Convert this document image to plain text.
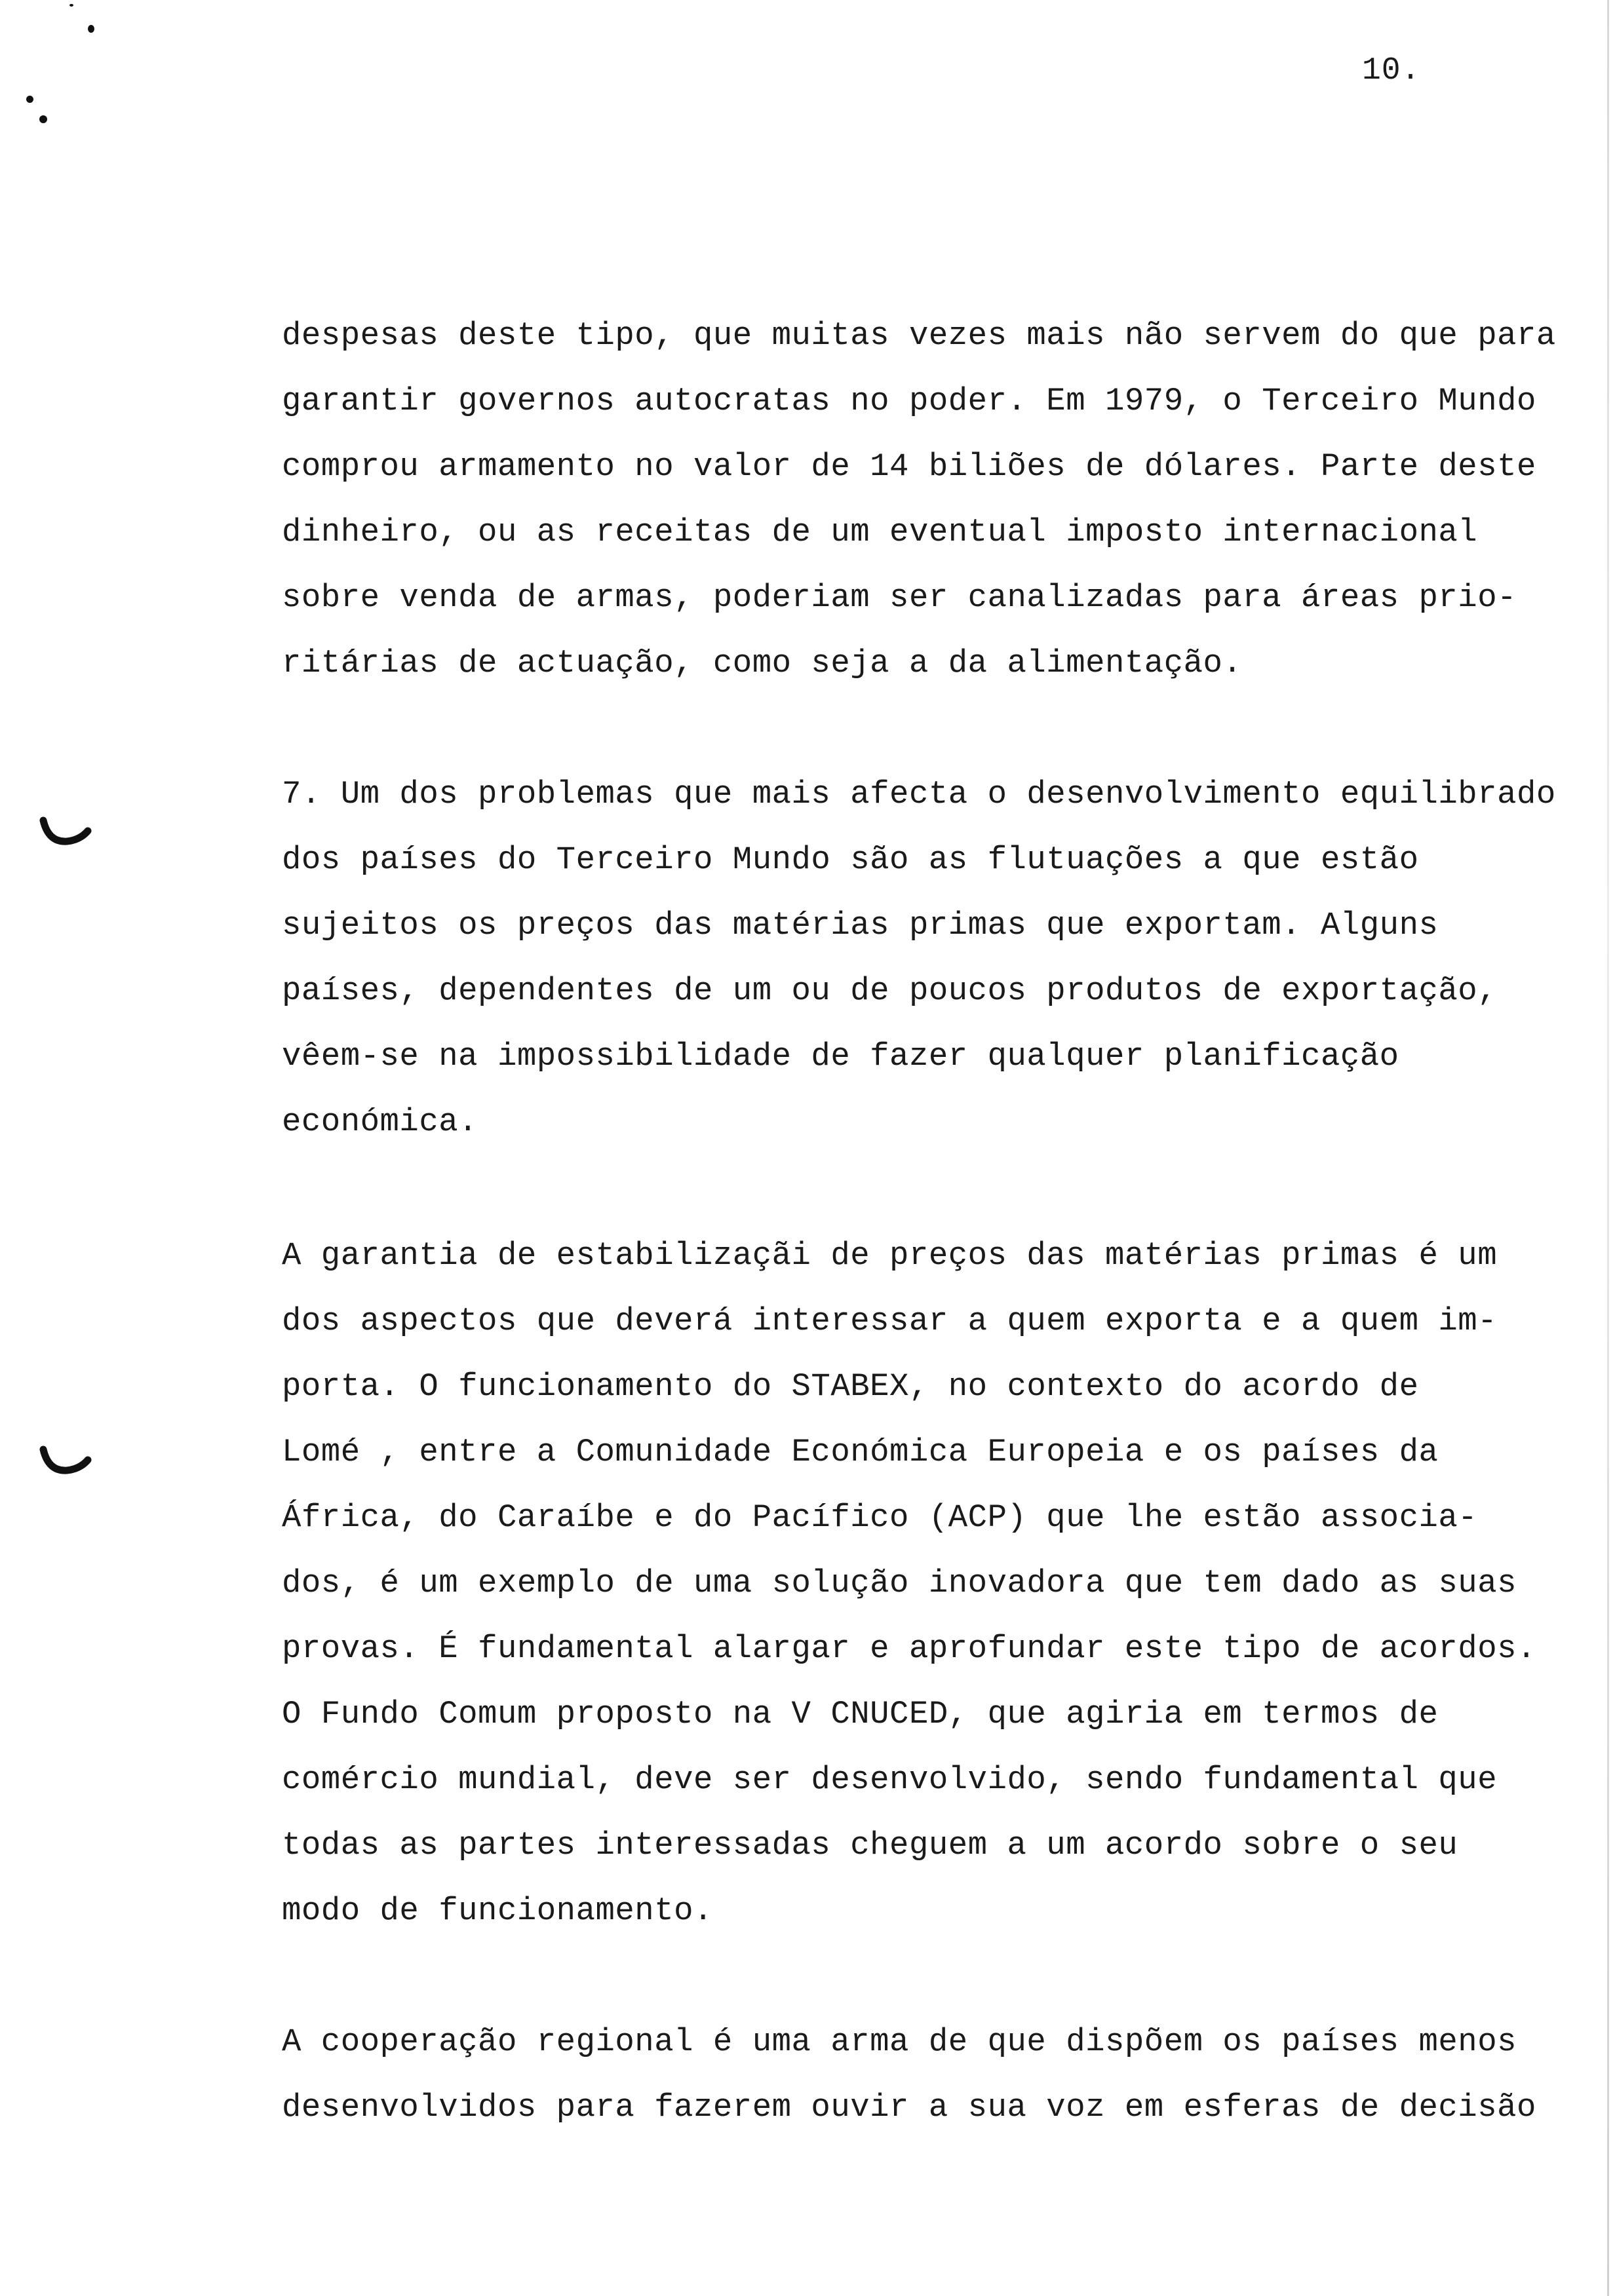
10.
despesas deste tipo, que muitas vezes mais não servem do que para
garantir governos autocratas no poder. Em 1979, o Terceiro Mundo
comprou armamento no valor de 14 biliões de dólares. Parte deste
dinheiro, ou as receitas de um eventual imposto internacional
sobre venda de armas, poderiam ser canalizadas para áreas prio-
ritárias de actuação, como seja a da alimentação.
7. Um dos problemas que mais afecta o desenvolvimento equilibrado
dos países do Terceiro Mundo são as flutuações a que estão
sujeitos os preços das matérias primas que exportam. Alguns
países, dependentes de um ou de poucos produtos de exportação,
vêem-se na impossibilidade de fazer qualquer planificação
económica.
A garantia de estabilizaçãi de preços das matérias primas é um
dos aspectos que deverá interessar a quem exporta e a quem im-
porta. O funcionamento do STABEX, no contexto do acordo de
Lomé , entre a Comunidade Económica Europeia e os países da
África, do Caraíbe e do Pacífico (ACP) que lhe estão associa-
dos, é um exemplo de uma solução inovadora que tem dado as suas
provas. É fundamental alargar e aprofundar este tipo de acordos.
O Fundo Comum proposto na V CNUCED, que agiria em termos de
comércio mundial, deve ser desenvolvido, sendo fundamental que
todas as partes interessadas cheguem a um acordo sobre o seu
modo de funcionamento.
A cooperação regional é uma arma de que dispõem os países menos
desenvolvidos para fazerem ouvir a sua voz em esferas de decisão
